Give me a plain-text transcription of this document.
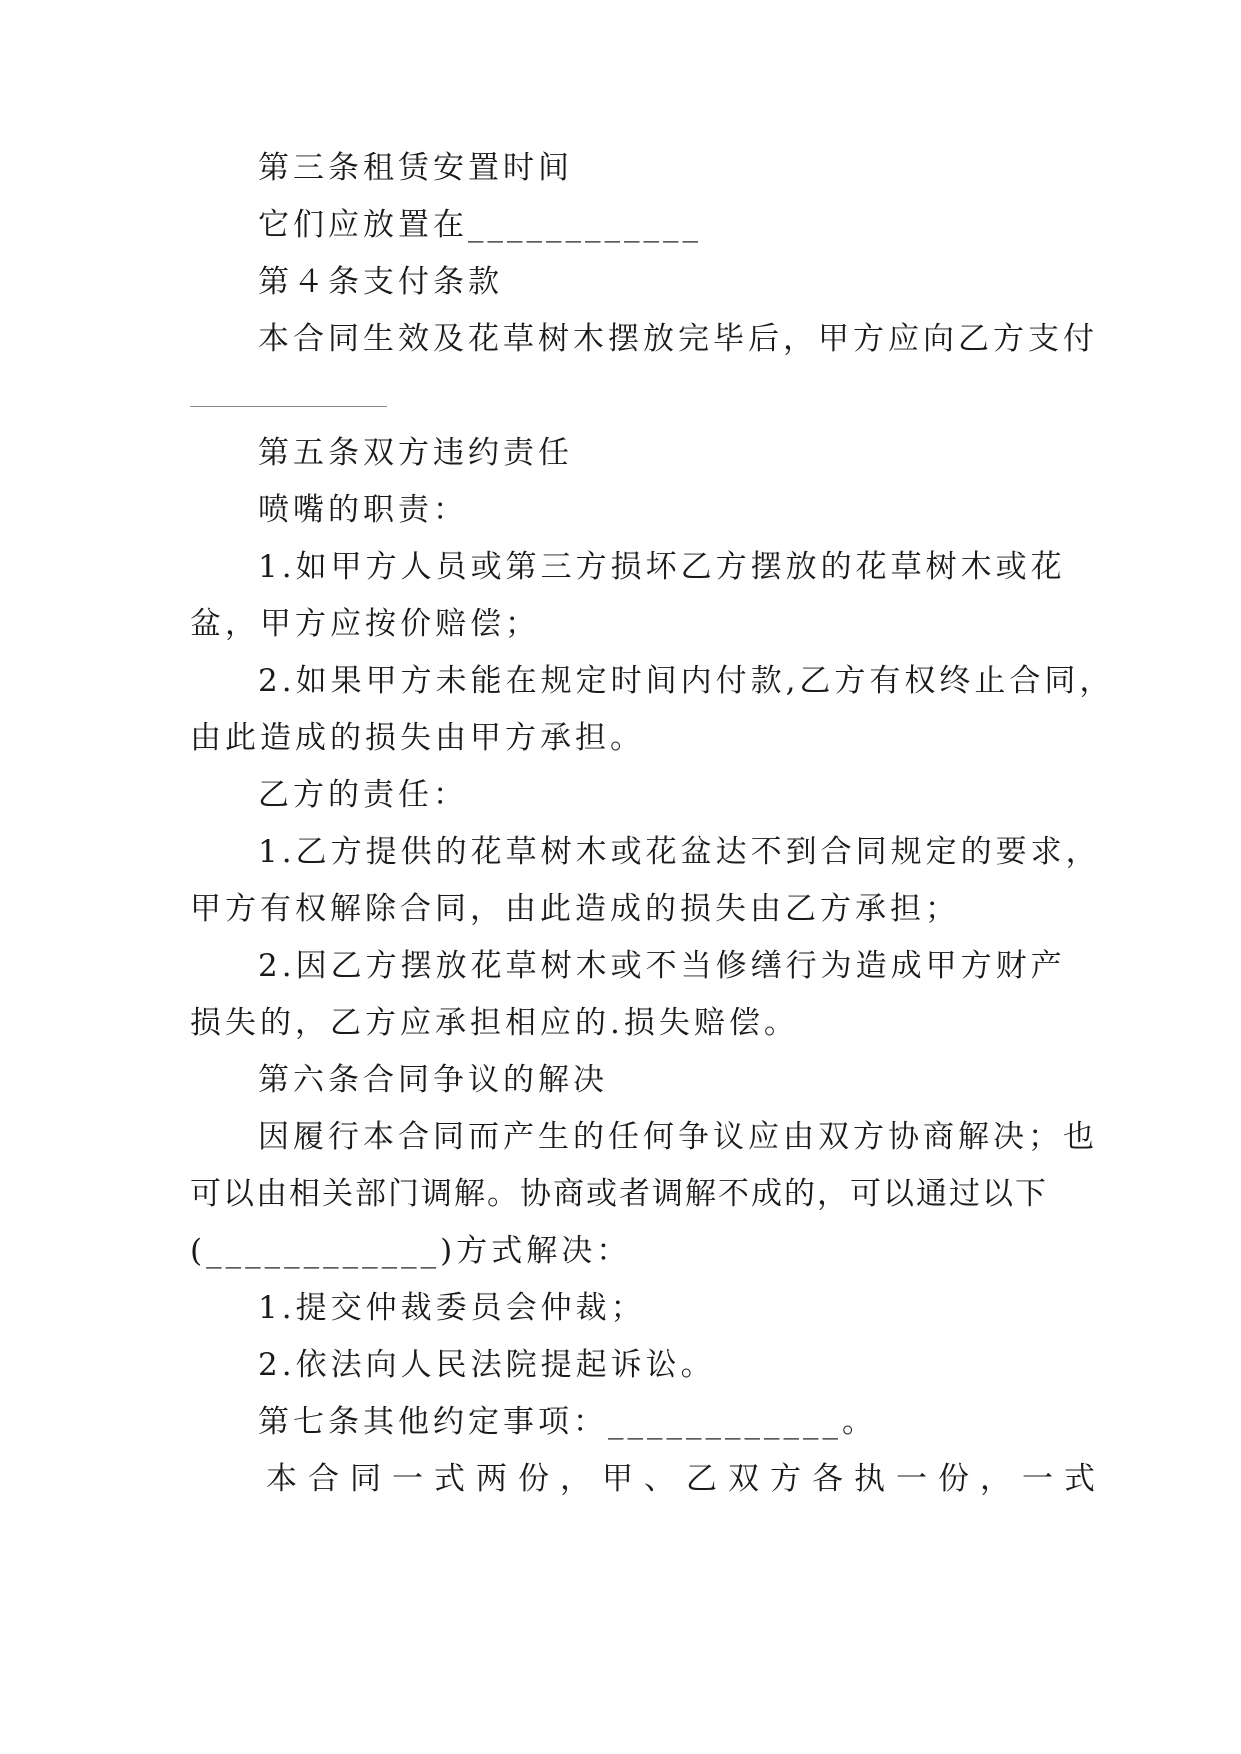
第三条租赁安置时间
它们应放置在____________
第４条支付条款
本合同生效及花草树木摆放完毕后，甲方应向乙方支付
第五条双方违约责任
喷嘴的职责：
1.如甲方人员或第三方损坏乙方摆放的花草树木或花
盆，甲方应按价赔偿；
2.如果甲方未能在规定时间内付款,乙方有权终止合同，
由此造成的损失由甲方承担。
乙方的责任：
1.乙方提供的花草树木或花盆达不到合同规定的要求，
甲方有权解除合同，由此造成的损失由乙方承担；
2.因乙方摆放花草树木或不当修缮行为造成甲方财产
损失的，乙方应承担相应的.损失赔偿。
第六条合同争议的解决
因履行本合同而产生的任何争议应由双方协商解决；也
可以由相关部门调解。协商或者调解不成的，可以通过以下
(____________)方式解决：
1.提交仲裁委员会仲裁；
2.依法向人民法院提起诉讼。
第七条其他约定事项：____________。
本合同一式两份，甲、乙双方各执一份，一式
